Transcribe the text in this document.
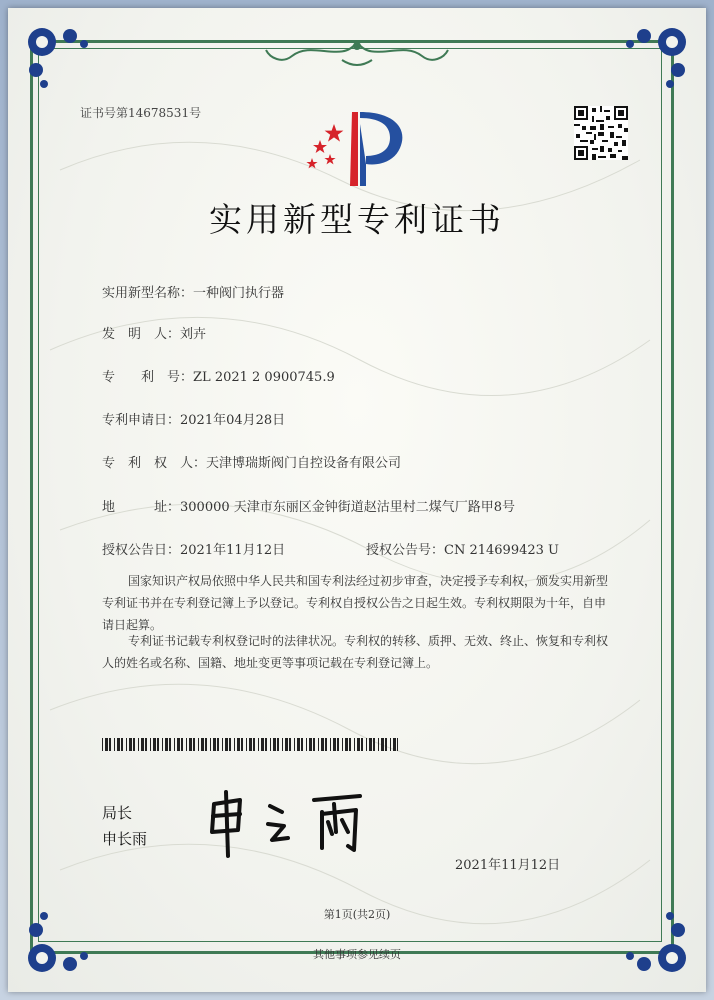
证书号第14678531号
实用新型专利证书
实用新型名称：一种阀门执行器
发　明　人：刘卉
专　　利　号：ZL 2021 2 0900745.9
专利申请日：2021年04月28日
专　利　权　人：天津博瑞斯阀门自控设备有限公司
地　　　址：300000 天津市东丽区金钟街道赵沽里村二煤气厂路甲8号
授权公告日：2021年11月12日	授权公告号：CN 214699423 U
国家知识产权局依照中华人民共和国专利法经过初步审查，决定授予专利权，颁发实用新型专利证书并在专利登记簿上予以登记。专利权自授权公告之日起生效。专利权期限为十年，自申请日起算。
专利证书记载专利权登记时的法律状况。专利权的转移、质押、无效、终止、恢复和专利权人的姓名或名称、国籍、地址变更等事项记载在专利登记簿上。
局长
申长雨
2021年11月12日
第1页(共2页)
其他事项参见续页
